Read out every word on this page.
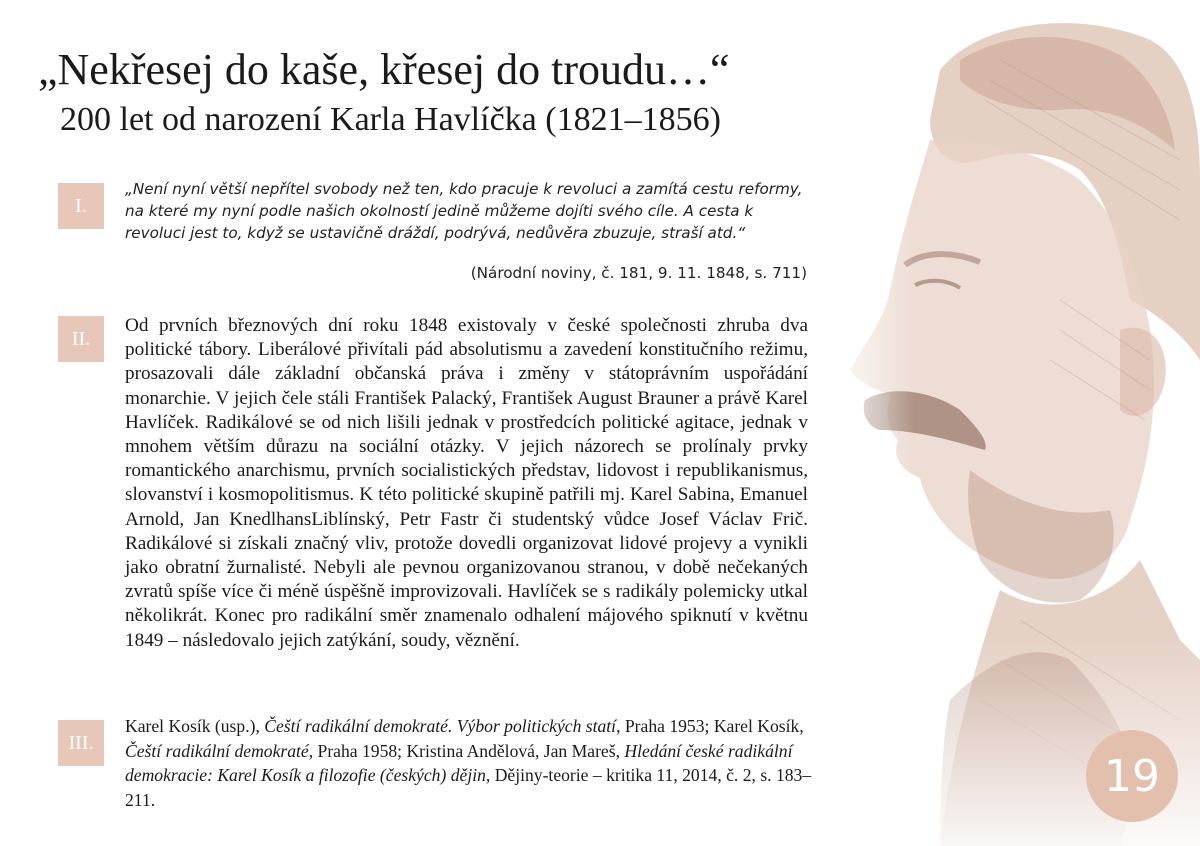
„Nekřesej do kaše, křesej do troudu…“
200 let od narození Karla Havlíčka (1821–1856)
I.
„Není nyní větší nepřítel svobody než ten, kdo pracuje k revoluci a zamítá cestu reformy, na které my nyní podle našich okolností jedině můžeme dojíti svého cíle. A cesta k revoluci jest to, když se ustavičně dráždí, podrývá, nedůvěra zbuzuje, straší atd.“
(Národní noviny, č. 181, 9. 11. 1848, s. 711)
II.
Od prvních březnových dní roku 1848 existovaly v české společnosti zhruba dva politické tábory. Liberálové přivítali pád absolutismu a zavedení konstitučního režimu, prosazovali dále základní občanská práva i změny v státoprávním uspořádání monarchie. V jejich čele stáli František Palacký, František August Brauner a právě Karel Havlíček. Radikálové se od nich lišili jednak v prostředcích politické agitace, jednak v mnohem větším důrazu na sociální otázky. V jejich názorech se prolínaly prvky romantického anarchismu, prvních socialistických představ, lidovost i republikanismus, slovanství i kosmopolitismus. K této politické skupině patřili mj. Karel Sabina, Emanuel Arnold, Jan KnedlhansLiblínský, Petr Fastr či studentský vůdce Josef Václav Frič. Radikálové si získali značný vliv, protože dovedli organizovat lidové projevy a vynikli jako obratní žurnalisté. Nebyli ale pevnou organizovanou stranou, v době nečekaných zvratů spíše více či méně úspěšně improvizovali. Havlíček se s radikály polemicky utkal několikrát. Konec pro radikální směr znamenalo odhalení májového spiknutí v květnu 1849 – následovalo jejich zatýkání, soudy, věznění.
III.
Karel Kosík (usp.), Čeští radikální demokraté. Výbor politických statí, Praha 1953; Karel Kosík, Čeští radikální demokraté, Praha 1958; Kristina Andělová, Jan Mareš, Hledání české radikální demokracie: Karel Kosík a filozofie (českých) dějin, Dějiny-teorie – kritika 11, 2014, č. 2, s. 183–211.	19
